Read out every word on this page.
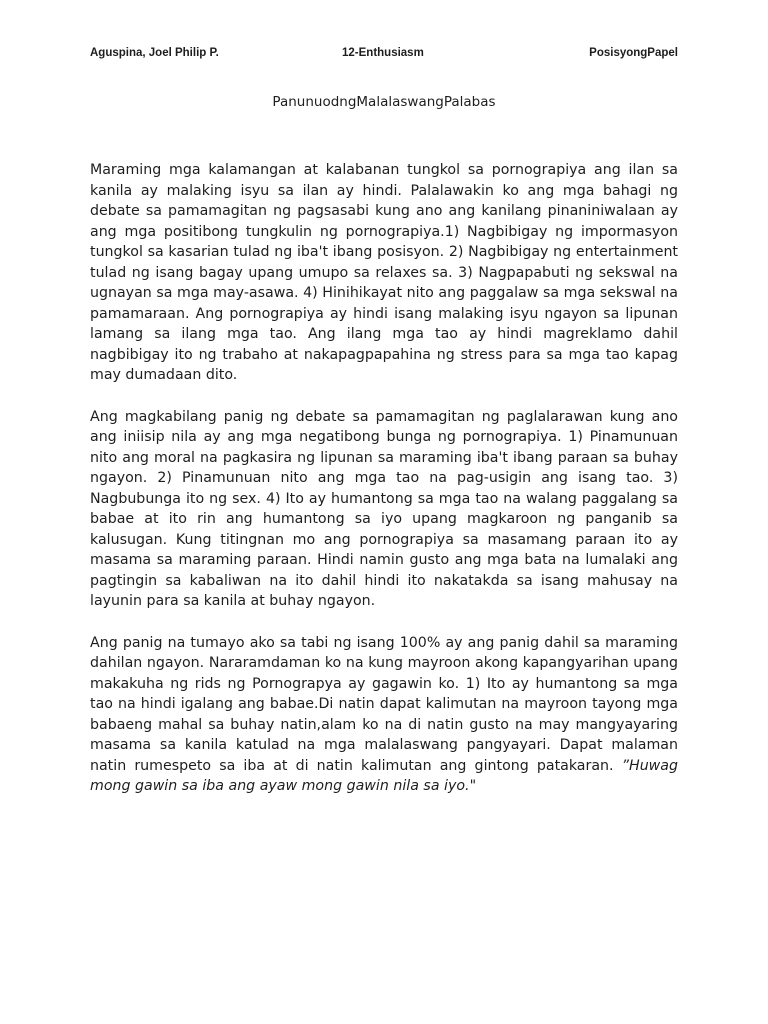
Aguspina, Joel Philip P.	12-Enthusiasm	PosisyongPapel
PanunuodngMalalaswangPalabas

Maraming mga kalamangan at kalabanan tungkol sa pornograpiya ang ilan sa kanila ay malaking isyu sa ilan ay hindi. Palalawakin ko ang mga bahagi ng debate sa pamamagitan ng pagsasabi kung ano ang kanilang pinaniniwalaan ay ang mga positibong tungkulin ng pornograpiya.1) Nagbibigay ng impormasyon tungkol sa kasarian tulad ng iba't ibang posisyon. 2) Nagbibigay ng entertainment tulad ng isang bagay upang umupo sa relaxes sa. 3) Nagpapabuti ng sekswal na ugnayan sa mga may-asawa. 4) Hinihikayat nito ang paggalaw sa mga sekswal na pamamaraan. Ang pornograpiya ay hindi isang malaking isyu ngayon sa lipunan lamang sa ilang mga tao. Ang ilang mga tao ay hindi magreklamo dahil nagbibigay ito ng trabaho at nakapagpapahina ng stress para sa mga tao kapag may dumadaan dito.

Ang magkabilang panig ng debate sa pamamagitan ng paglalarawan kung ano ang iniisip nila ay ang mga negatibong bunga ng pornograpiya. 1) Pinamunuan nito ang moral na pagkasira ng lipunan sa maraming iba't ibang paraan sa buhay ngayon. 2) Pinamunuan nito ang mga tao na pag-usigin ang isang tao. 3) Nagbubunga ito ng sex. 4) Ito ay humantong sa mga tao na walang paggalang sa babae at ito rin ang humantong sa iyo upang magkaroon ng panganib sa kalusugan. Kung titingnan mo ang pornograpiya sa masamang paraan ito ay masama sa maraming paraan. Hindi namin gusto ang mga bata na lumalaki ang pagtingin sa kabaliwan na ito dahil hindi ito nakatakda sa isang mahusay na layunin para sa kanila at buhay ngayon.

Ang panig na tumayo ako sa tabi ng isang 100% ay ang panig dahil sa maraming dahilan ngayon. Nararamdaman ko na kung mayroon akong kapangyarihan upang makakuha ng rids ng Pornograpya ay gagawin ko. 1) Ito ay humantong sa mga tao na hindi igalang ang babae.Di natin dapat kalimutan na mayroon tayong mga babaeng mahal sa buhay natin,alam ko na di natin gusto na may mangyayaring masama sa kanila katulad na mga malalaswang pangyayari. Dapat malaman natin rumespeto sa iba at di natin kalimutan ang gintong patakaran. ”Huwag mong gawin sa iba ang ayaw mong gawin nila sa iyo."
